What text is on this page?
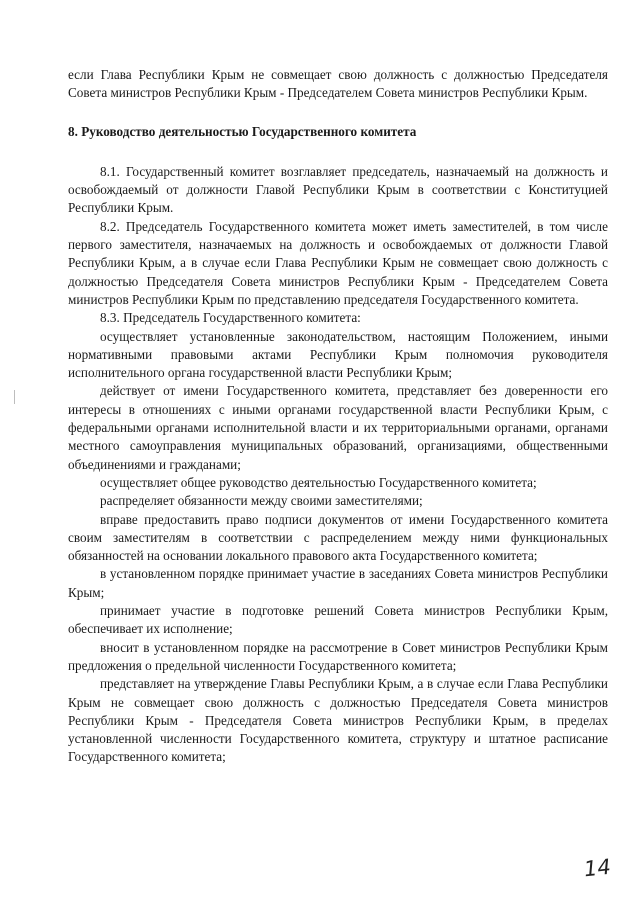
если Глава Республики Крым не совмещает свою должность с должностью Председателя Совета министров Республики Крым - Председателем Совета министров Республики Крым.

8. Руководство деятельностью Государственного комитета

8.1. Государственный комитет возглавляет председатель, назначаемый на должность и освобождаемый от должности Главой Республики Крым в соответствии с Конституцией Республики Крым.

8.2. Председатель Государственного комитета может иметь заместителей, в том числе первого заместителя, назначаемых на должность и освобождаемых от должности Главой Республики Крым, а в случае если Глава Республики Крым не совмещает свою должность с должностью Председателя Совета министров Республики Крым - Председателем Совета министров Республики Крым по представлению председателя Государственного комитета.

8.3. Председатель Государственного комитета:

осуществляет установленные законодательством, настоящим Положением, иными нормативными правовыми актами Республики Крым полномочия руководителя исполнительного органа государственной власти Республики Крым;

действует от имени Государственного комитета, представляет без доверенности его интересы в отношениях с иными органами государственной власти Республики Крым, с федеральными органами исполнительной власти и их территориальными органами, органами местного самоуправления муниципальных образований, организациями, общественными объединениями и гражданами;

осуществляет общее руководство деятельностью Государственного комитета;

распределяет обязанности между своими заместителями;

вправе предоставить право подписи документов от имени Государственного комитета своим заместителям в соответствии с распределением между ними функциональных обязанностей на основании локального правового акта Государственного комитета;

в установленном порядке принимает участие в заседаниях Совета министров Республики Крым;

принимает участие в подготовке решений Совета министров Республики Крым, обеспечивает их исполнение;

вносит в установленном порядке на рассмотрение в Совет министров Республики Крым предложения о предельной численности Государственного комитета;

представляет на утверждение Главы Республики Крым, а в случае если Глава Республики Крым не совмещает свою должность с должностью Председателя Совета министров Республики Крым - Председателя Совета министров Республики Крым, в пределах установленной численности Государственного комитета, структуру и штатное расписание Государственного комитета;

14
